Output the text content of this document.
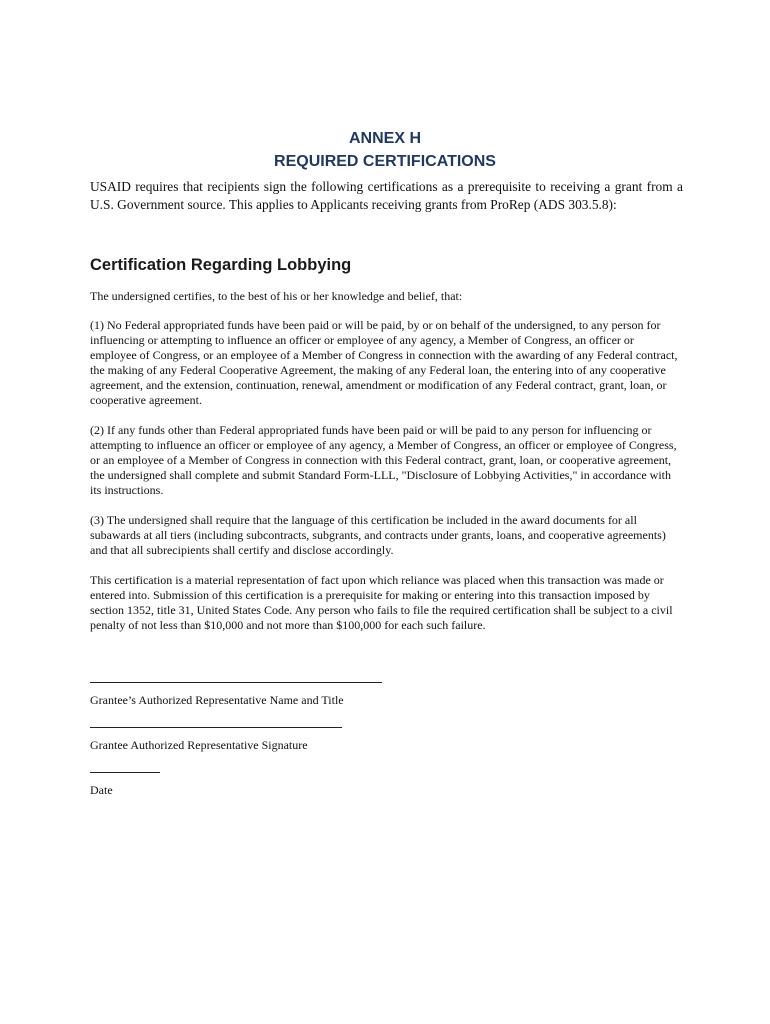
ANNEX H
REQUIRED CERTIFICATIONS
USAID requires that recipients sign the following certifications as a prerequisite to receiving a grant from a U.S. Government source. This applies to Applicants receiving grants from ProRep (ADS 303.5.8):
Certification Regarding Lobbying
The undersigned certifies, to the best of his or her knowledge and belief, that:
(1) No Federal appropriated funds have been paid or will be paid, by or on behalf of the undersigned, to any person for influencing or attempting to influence an officer or employee of any agency, a Member of Congress, an officer or employee of Congress, or an employee of a Member of Congress in connection with the awarding of any Federal contract, the making of any Federal Cooperative Agreement, the making of any Federal loan, the entering into of any cooperative agreement, and the extension, continuation, renewal, amendment or modification of any Federal contract, grant, loan, or cooperative agreement.
(2) If any funds other than Federal appropriated funds have been paid or will be paid to any person for influencing or attempting to influence an officer or employee of any agency, a Member of Congress, an officer or employee of Congress, or an employee of a Member of Congress in connection with this Federal contract, grant, loan, or cooperative agreement, the undersigned shall complete and submit Standard Form-LLL, "Disclosure of Lobbying Activities," in accordance with its instructions.
(3) The undersigned shall require that the language of this certification be included in the award documents for all subawards at all tiers (including subcontracts, subgrants, and contracts under grants, loans, and cooperative agreements) and that all subrecipients shall certify and disclose accordingly.
This certification is a material representation of fact upon which reliance was placed when this transaction was made or entered into. Submission of this certification is a prerequisite for making or entering into this transaction imposed by section 1352, title 31, United States Code. Any person who fails to file the required certification shall be subject to a civil penalty of not less than $10,000 and not more than $100,000 for each such failure.
Grantee’s Authorized Representative Name and Title
Grantee Authorized Representative Signature
Date
